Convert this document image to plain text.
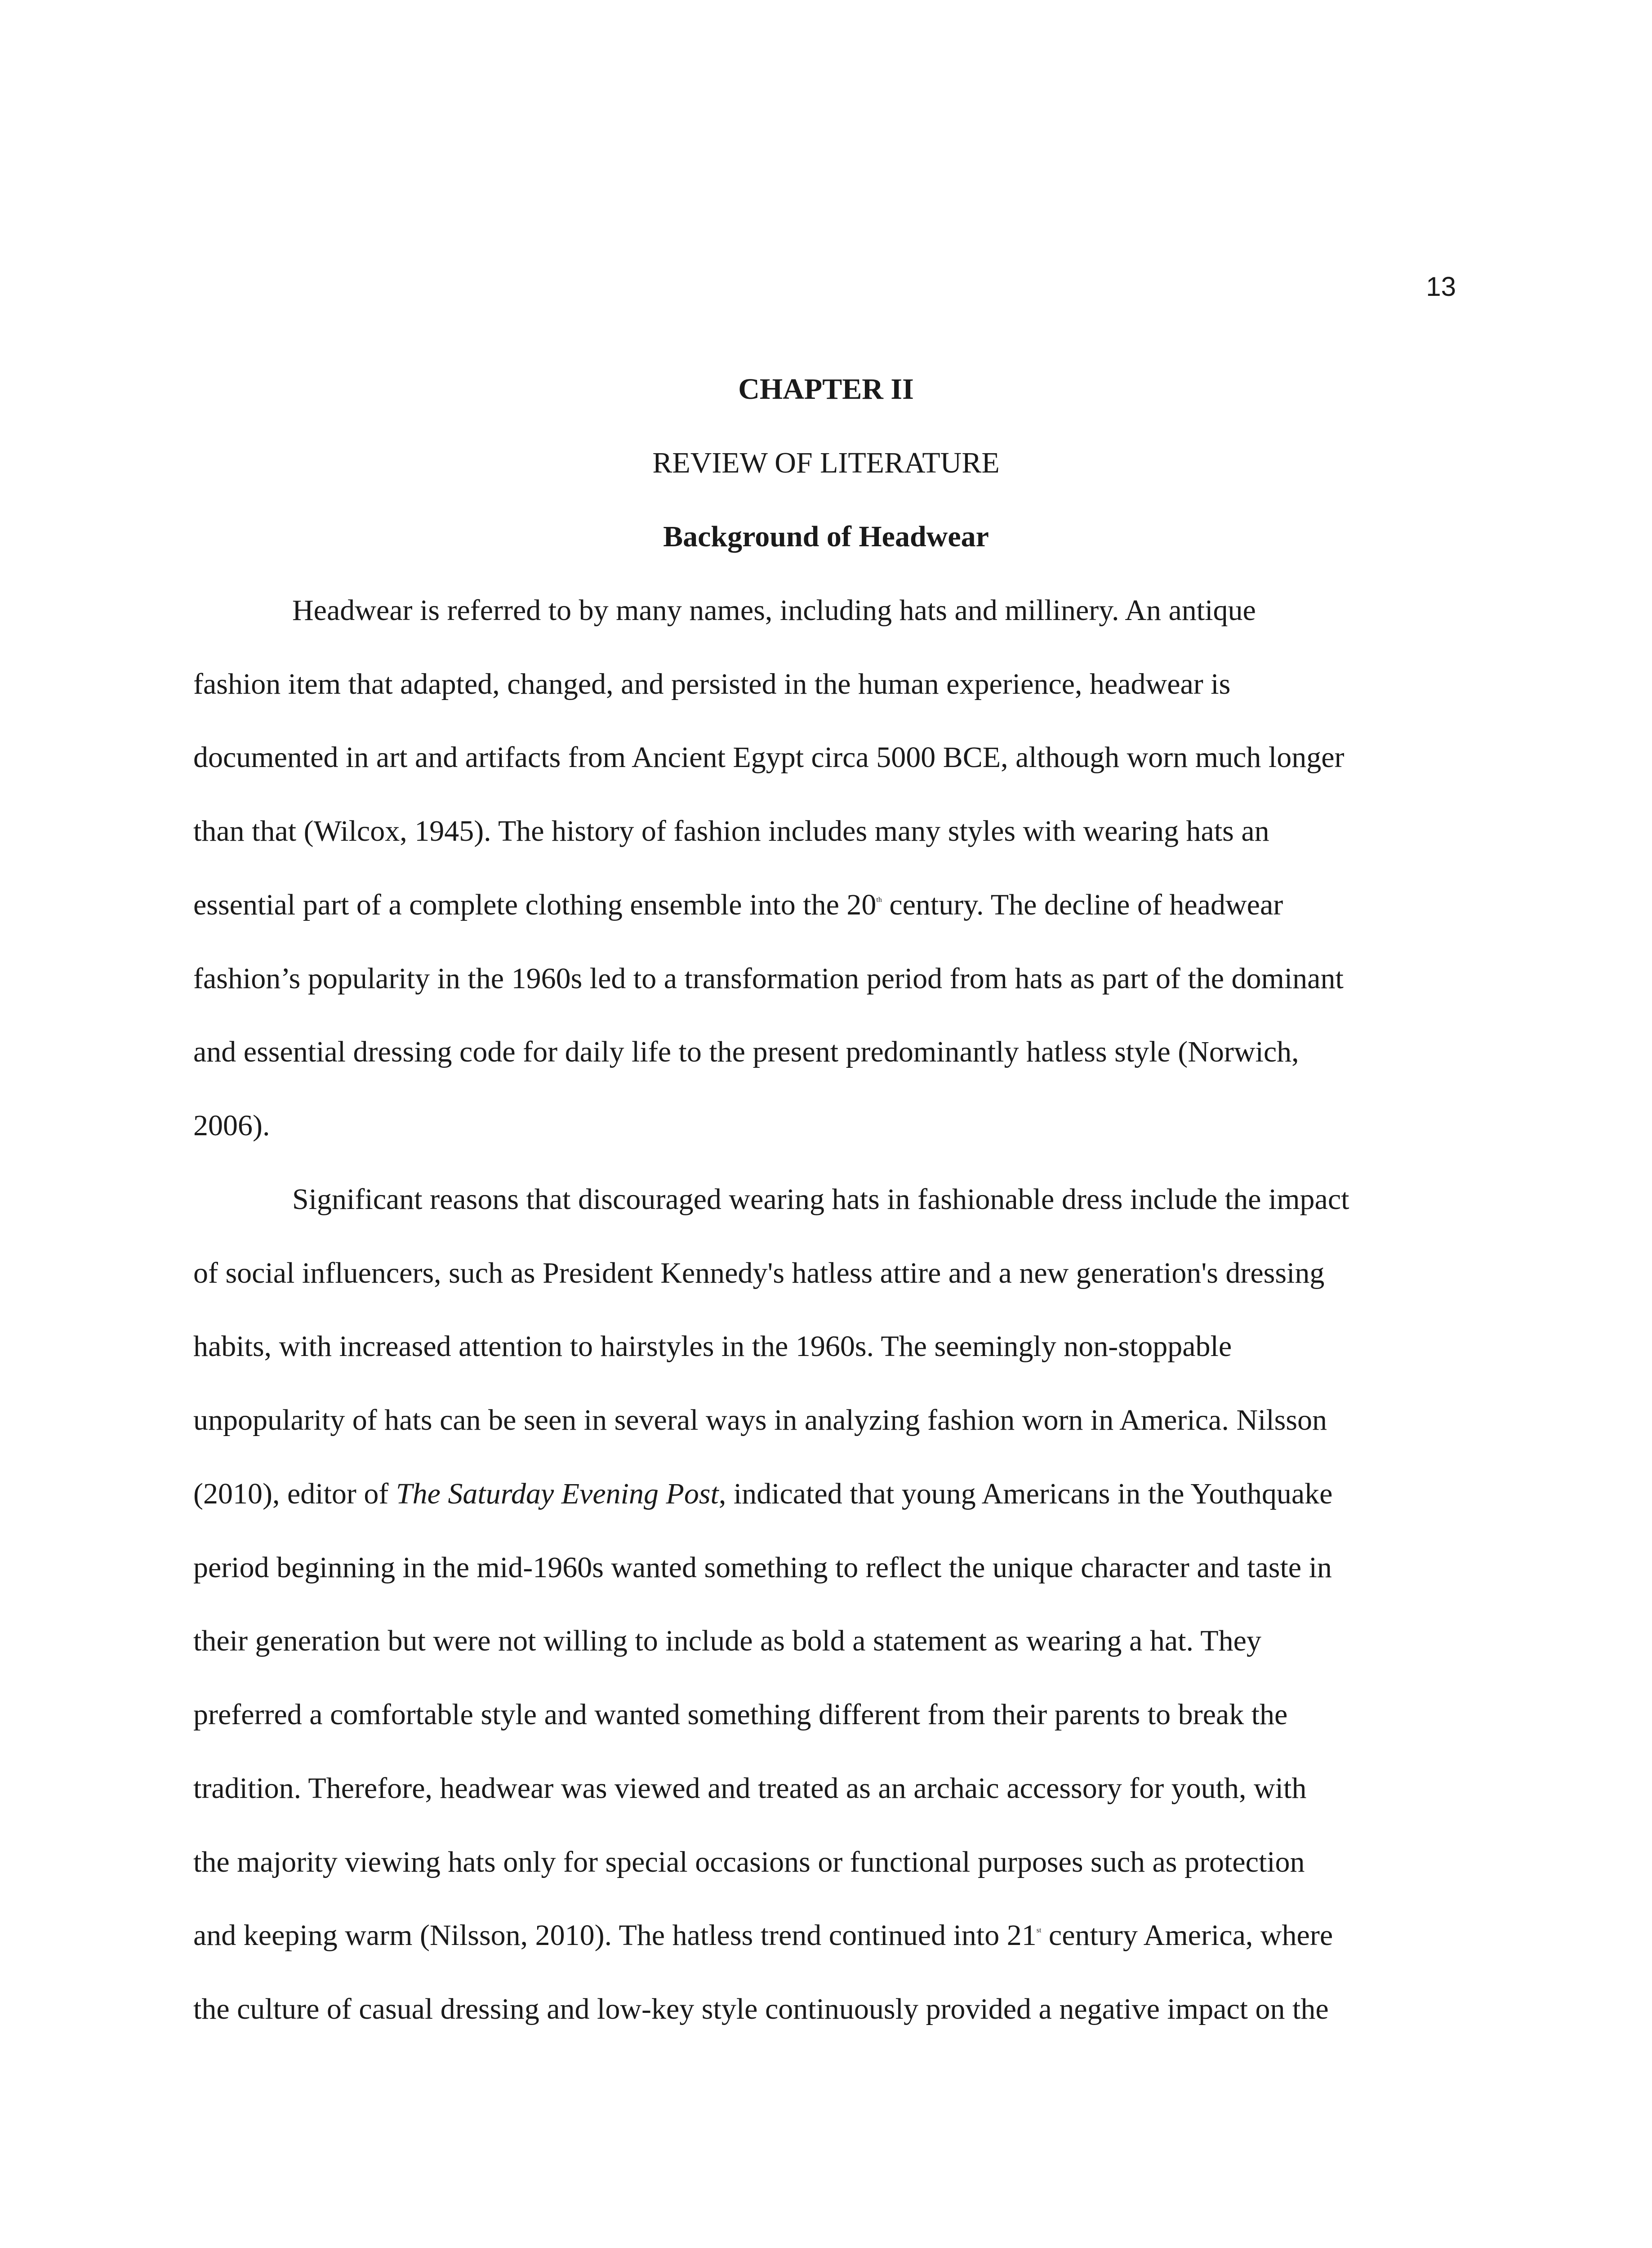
13
CHAPTER II
REVIEW OF LITERATURE
Background of Headwear
Headwear is referred to by many names, including hats and millinery. An antique
fashion item that adapted, changed, and persisted in the human experience, headwear is
documented in art and artifacts from Ancient Egypt circa 5000 BCE, although worn much longer
than that (Wilcox, 1945). The history of fashion includes many styles with wearing hats an
essential part of a complete clothing ensemble into the 20th century. The decline of headwear
fashion’s popularity in the 1960s led to a transformation period from hats as part of the dominant
and essential dressing code for daily life to the present predominantly hatless style (Norwich,
2006).
Significant reasons that discouraged wearing hats in fashionable dress include the impact
of social influencers, such as President Kennedy's hatless attire and a new generation's dressing
habits, with increased attention to hairstyles in the 1960s. The seemingly non-stoppable
unpopularity of hats can be seen in several ways in analyzing fashion worn in America. Nilsson
(2010), editor of The Saturday Evening Post, indicated that young Americans in the Youthquake
period beginning in the mid-1960s wanted something to reflect the unique character and taste in
their generation but were not willing to include as bold a statement as wearing a hat. They
preferred a comfortable style and wanted something different from their parents to break the
tradition. Therefore, headwear was viewed and treated as an archaic accessory for youth, with
the majority viewing hats only for special occasions or functional purposes such as protection
and keeping warm (Nilsson, 2010). The hatless trend continued into 21st century America, where
the culture of casual dressing and low-key style continuously provided a negative impact on the
